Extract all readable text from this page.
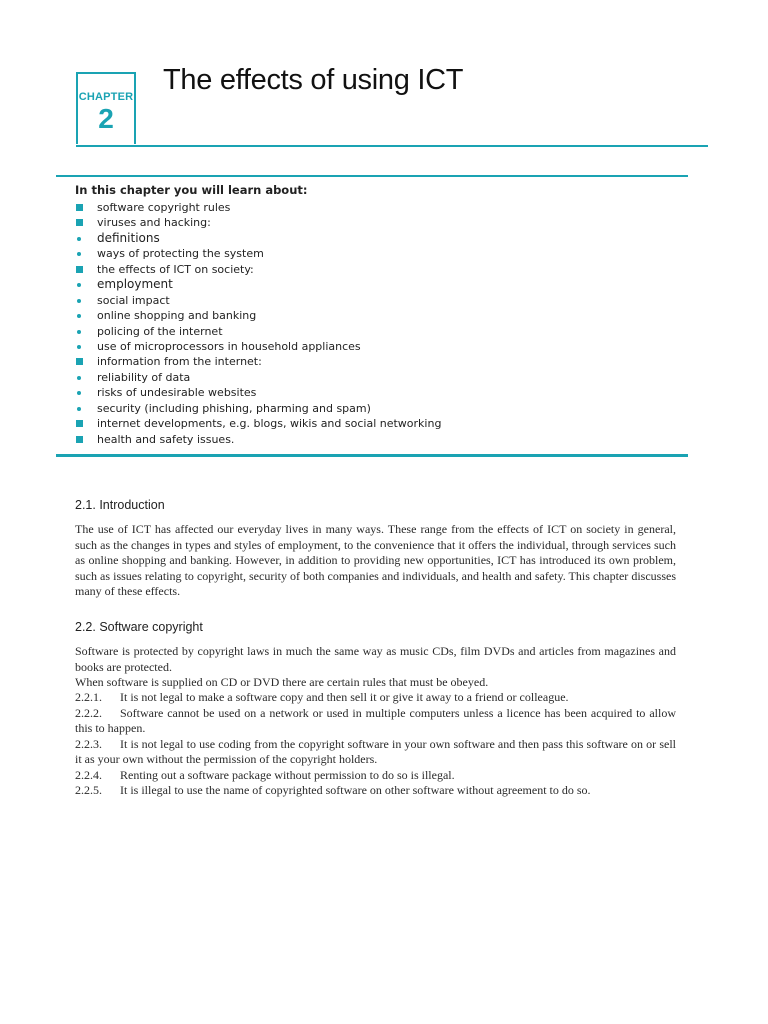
CHAPTER
2
The effects of using ICT

In this chapter you will learn about:

software copyright rules
viruses and hacking:
definitions
ways of protecting the system
the effects of ICT on society:
employment
social impact
online shopping and banking
policing of the internet
use of microprocessors in household appliances
information from the internet:
reliability of data
risks of undesirable websites
security (including phishing, pharming and spam)
internet developments, e.g. blogs, wikis and social networking
health and safety issues.
2.1. Introduction

The use of ICT has affected our everyday lives in many ways. These range from the effects of ICT on society in general, such as the changes in types and styles of employment, to the convenience that it offers the individual, through services such as online shopping and banking. However, in addition to providing new opportunities, ICT has introduced its own problem, such as issues relating to copyright, security of both companies and individuals, and health and safety. This chapter discusses many of these effects.

2.2. Software copyright

Software is protected by copyright laws in much the same way as music CDs, film DVDs and articles from magazines and books are protected.

When software is supplied on CD or DVD there are certain rules that must be obeyed.

2.2.1. It is not legal to make a software copy and then sell it or give it away to a friend or colleague.
2.2.2. Software cannot be used on a network or used in multiple computers unless a licence has been acquired to allow this to happen.
2.2.3. It is not legal to use coding from the copyright software in your own software and then pass this software on or sell it as your own without the permission of the copyright holders.
2.2.4. Renting out a software package without permission to do so is illegal.
2.2.5. It is illegal to use the name of copyrighted software on other software without agreement to do so.
